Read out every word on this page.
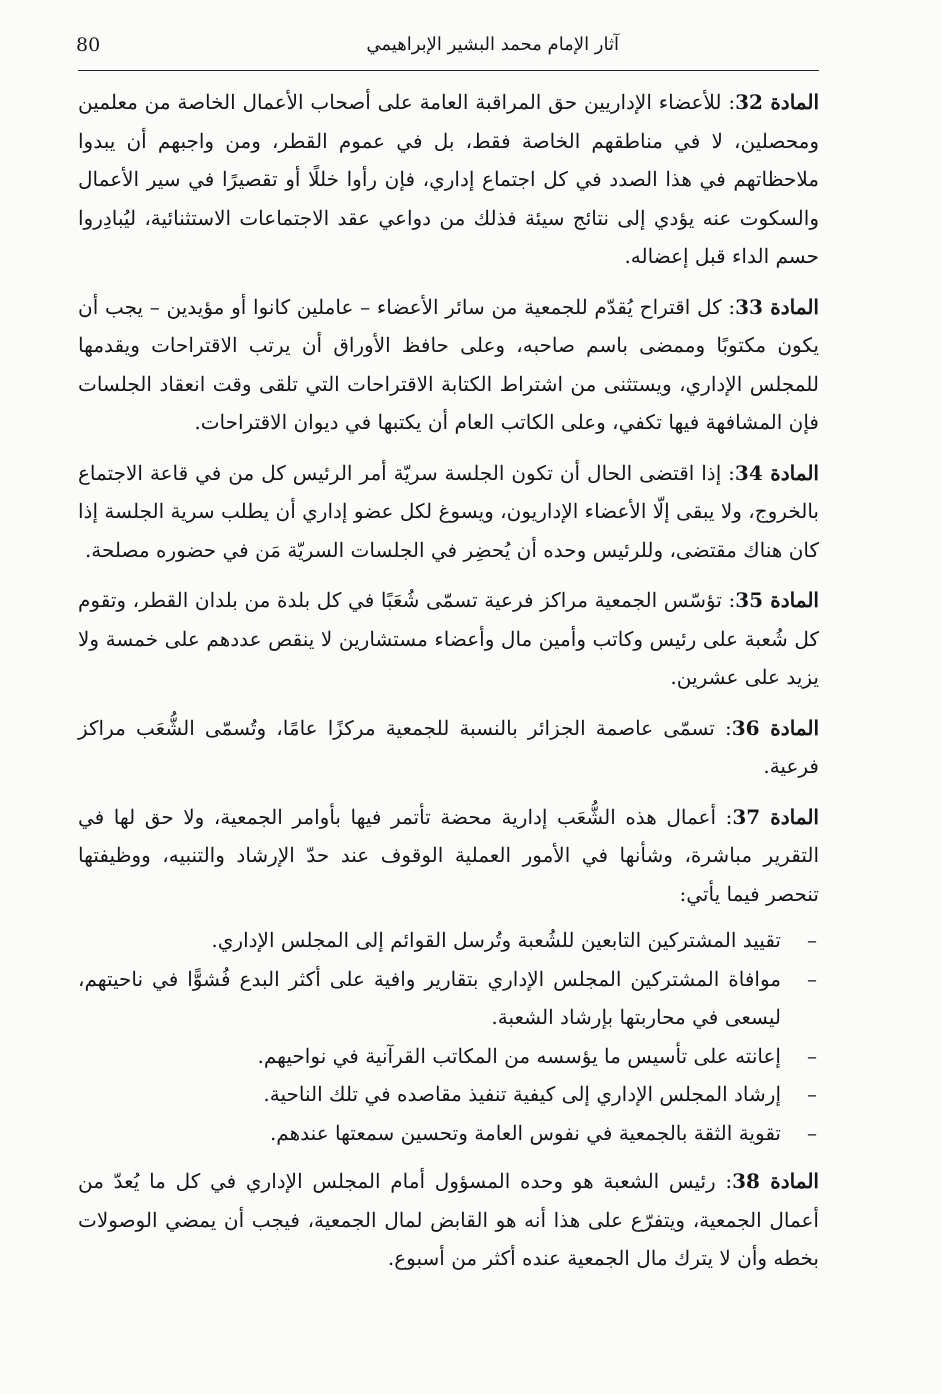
آثار الإمام محمد البشير الإبراهيمي
80

المادة 32: للأعضاء الإداريين حق المراقبة العامة على أصحاب الأعمال الخاصة من معلمين ومحصلين، لا في مناطقهم الخاصة فقط، بل في عموم القطر، ومن واجبهم أن يبدوا ملاحظاتهم في هذا الصدد في كل اجتماع إداري، فإن رأوا خللًا أو تقصيرًا في سير الأعمال والسكوت عنه يؤدي إلى نتائج سيئة فذلك من دواعي عقد الاجتماعات الاستثنائية، ليُبادِروا حسم الداء قبل إعضاله.

المادة 33: كل اقتراح يُقدّم للجمعية من سائر الأعضاء – عاملين كانوا أو مؤيدين – يجب أن يكون مكتوبًا وممضى باسم صاحبه، وعلى حافظ الأوراق أن يرتب الاقتراحات ويقدمها للمجلس الإداري، ويستثنى من اشتراط الكتابة الاقتراحات التي تلقى وقت انعقاد الجلسات فإن المشافهة فيها تكفي، وعلى الكاتب العام أن يكتبها في ديوان الاقتراحات.

المادة 34: إذا اقتضى الحال أن تكون الجلسة سريّة أمر الرئيس كل من في قاعة الاجتماع بالخروج، ولا يبقى إلّا الأعضاء الإداريون، ويسوغ لكل عضو إداري أن يطلب سرية الجلسة إذا كان هناك مقتضى، وللرئيس وحده أن يُحضِر في الجلسات السريّة مَن في حضوره مصلحة.

المادة 35: تؤسّس الجمعية مراكز فرعية تسمّى شُعَبًا في كل بلدة من بلدان القطر، وتقوم كل شُعبة على رئيس وكاتب وأمين مال وأعضاء مستشارين لا ينقص عددهم على خمسة ولا يزيد على عشرين.

المادة 36: تسمّى عاصمة الجزائر بالنسبة للجمعية مركزًا عامًا، وتُسمّى الشُّعَب مراكز فرعية.

المادة 37: أعمال هذه الشُّعَب إدارية محضة تأتمر فيها بأوامر الجمعية، ولا حق لها في التقرير مباشرة، وشأنها في الأمور العملية الوقوف عند حدّ الإرشاد والتنبيه، ووظيفتها تنحصر فيما يأتي:

–
تقييد المشتركين التابعين للشُعبة وتُرسل القوائم إلى المجلس الإداري.
–
موافاة المشتركين المجلس الإداري بتقارير وافية على أكثر البدع فُشوًّا في ناحيتهم، ليسعى في محاربتها بإرشاد الشعبة.
–
إعانته على تأسيس ما يؤسسه من المكاتب القرآنية في نواحيهم.
–
إرشاد المجلس الإداري إلى كيفية تنفيذ مقاصده في تلك الناحية.
–
تقوية الثقة بالجمعية في نفوس العامة وتحسين سمعتها عندهم.

المادة 38: رئيس الشعبة هو وحده المسؤول أمام المجلس الإداري في كل ما يُعدّ من أعمال الجمعية، ويتفرّع على هذا أنه هو القابض لمال الجمعية، فيجب أن يمضي الوصولات بخطه وأن لا يترك مال الجمعية عنده أكثر من أسبوع.
